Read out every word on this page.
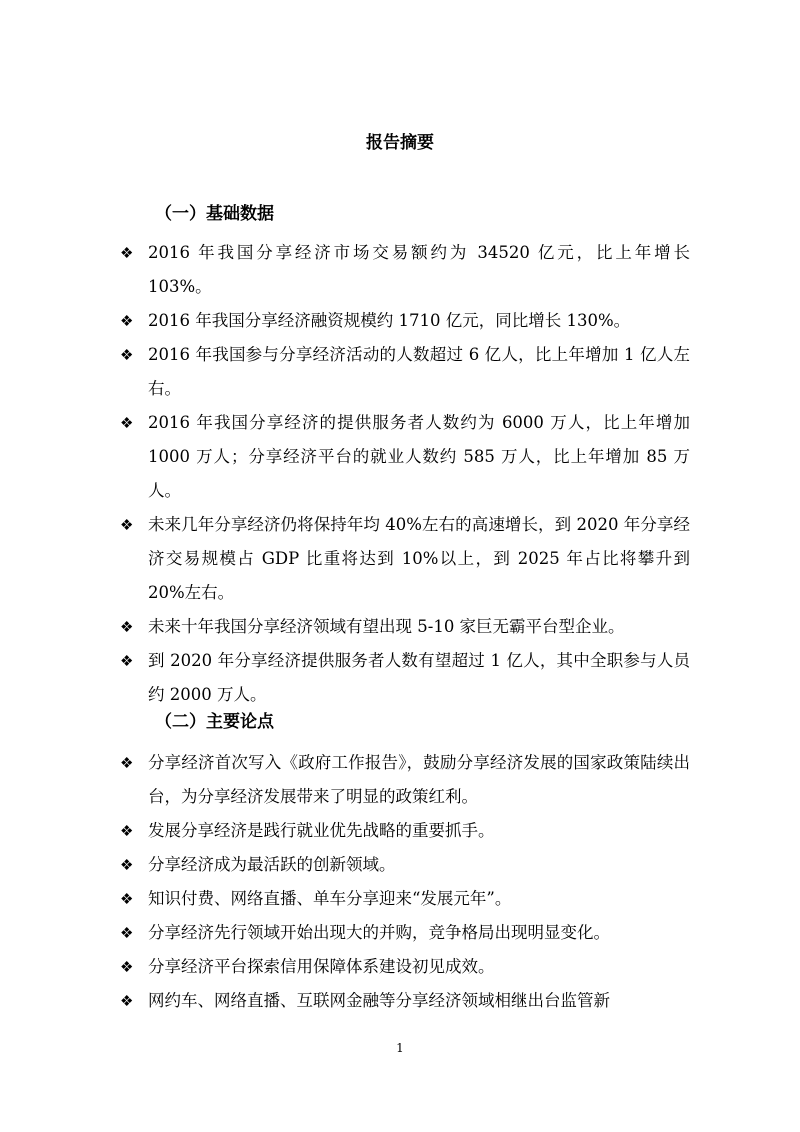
报告摘要
（一）基础数据
❖ 2016 年我国分享经济市场交易额约为 34520 亿元，比上年增长 103%。
❖ 2016 年我国分享经济融资规模约 1710 亿元，同比增长 130%。
❖ 2016 年我国参与分享经济活动的人数超过 6 亿人，比上年增加 1 亿人左右。
❖ 2016 年我国分享经济的提供服务者人数约为 6000 万人，比上年增加 1000 万人；分享经济平台的就业人数约 585 万人，比上年增加 85 万人。
❖ 未来几年分享经济仍将保持年均 40%左右的高速增长，到 2020 年分享经济交易规模占 GDP 比重将达到 10%以上，到 2025 年占比将攀升到 20%左右。
❖ 未来十年我国分享经济领域有望出现 5-10 家巨无霸平台型企业。
❖ 到 2020 年分享经济提供服务者人数有望超过 1 亿人，其中全职参与人员约 2000 万人。
（二）主要论点
❖ 分享经济首次写入《政府工作报告》，鼓励分享经济发展的国家政策陆续出台，为分享经济发展带来了明显的政策红利。
❖ 发展分享经济是践行就业优先战略的重要抓手。
❖ 分享经济成为最活跃的创新领域。
❖ 知识付费、网络直播、单车分享迎来“发展元年”。
❖ 分享经济先行领域开始出现大的并购，竞争格局出现明显变化。
❖ 分享经济平台探索信用保障体系建设初见成效。
❖ 网约车、网络直播、互联网金融等分享经济领域相继出台监管新
1
